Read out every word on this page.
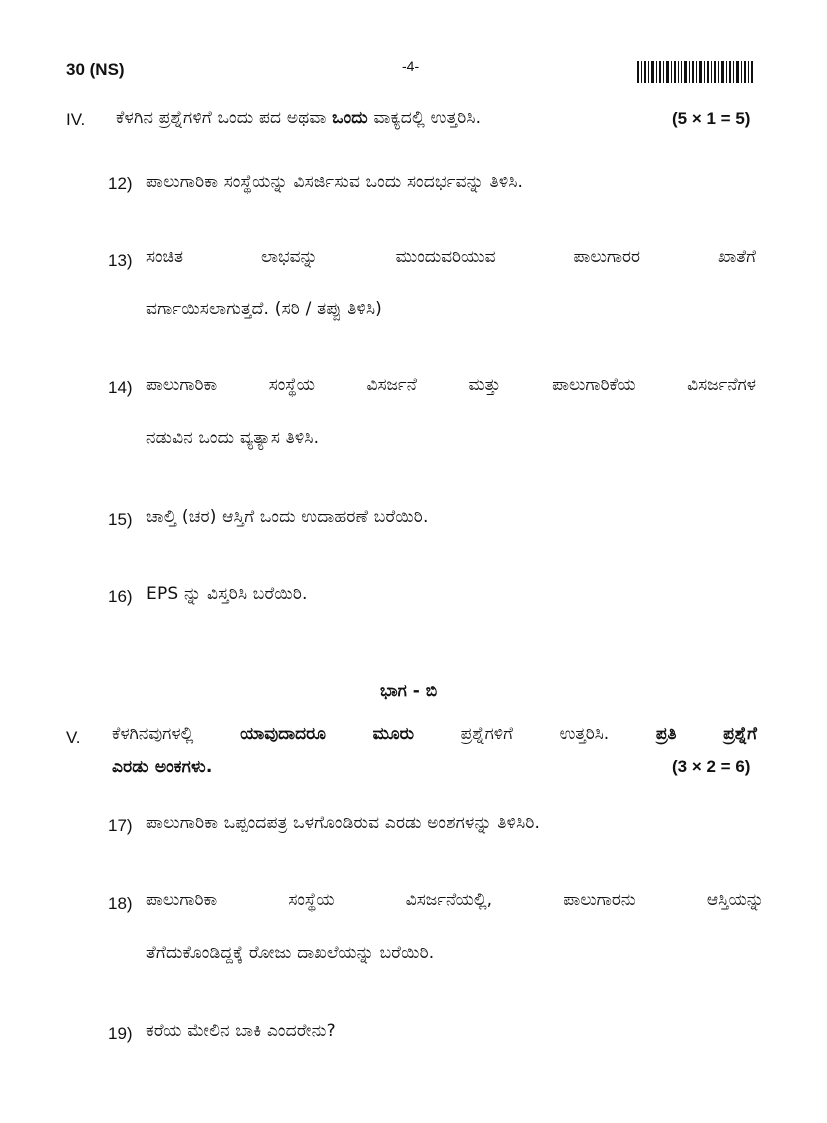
30 (NS)	-4-
IV. ಕೆಳಗಿನ ಪ್ರಶ್ನೆಗಳಿಗೆ ಒಂದು ಪದ ಅಥವಾ ಒಂದು ವಾಕ್ಯದಲ್ಲಿ ಉತ್ತರಿಸಿ.	(5 × 1 = 5)
12) ಪಾಲುಗಾರಿಕಾ ಸಂಸ್ಥೆಯನ್ನು ವಿಸರ್ಜಿಸುವ ಒಂದು ಸಂದರ್ಭವನ್ನು ತಿಳಿಸಿ.
13) ಸಂಚಿತ	ಲಾಭವನ್ನು	ಮುಂದುವರಿಯುವ	ಪಾಲುಗಾರರ	ಖಾತೆಗೆ
ವರ್ಗಾಯಿಸಲಾಗುತ್ತದೆ. (ಸರಿ / ತಪ್ಪು ತಿಳಿಸಿ)
14) ಪಾಲುಗಾರಿಕಾ	ಸಂಸ್ಥೆಯ	ವಿಸರ್ಜನೆ	ಮತ್ತು	ಪಾಲುಗಾರಿಕೆಯ	ವಿಸರ್ಜನೆಗಳ
ನಡುವಿನ ಒಂದು ವ್ಯತ್ಯಾಸ ತಿಳಿಸಿ.
15) ಚಾಲ್ತಿ (ಚರ) ಆಸ್ತಿಗೆ ಒಂದು ಉದಾಹರಣೆ ಬರೆಯಿರಿ.
16) EPS ನ್ನು ವಿಸ್ತರಿಸಿ ಬರೆಯಿರಿ.
ಭಾಗ - ಬಿ
V. ಕೆಳಗಿನವುಗಳಲ್ಲಿ	ಯಾವುದಾದರೂ	ಮೂರು	ಪ್ರಶ್ನೆಗಳಿಗೆ	ಉತ್ತರಿಸಿ.	ಪ್ರತಿ	ಪ್ರಶ್ನೆಗೆ
ಎರಡು ಅಂಕಗಳು.	(3 × 2 = 6)
17) ಪಾಲುಗಾರಿಕಾ ಒಪ್ಪಂದಪತ್ರ ಒಳಗೊಂಡಿರುವ ಎರಡು ಅಂಶಗಳನ್ನು ತಿಳಿಸಿರಿ.
18) ಪಾಲುಗಾರಿಕಾ	ಸಂಸ್ಥೆಯ	ವಿಸರ್ಜನೆಯಲ್ಲಿ,	ಪಾಲುಗಾರನು	ಆಸ್ತಿಯನ್ನು
ತೆಗೆದುಕೊಂಡಿದ್ದಕ್ಕೆ ರೋಜು ದಾಖಲೆಯನ್ನು ಬರೆಯಿರಿ.
19) ಕರೆಯ ಮೇಲಿನ ಬಾಕಿ ಎಂದರೇನು?
